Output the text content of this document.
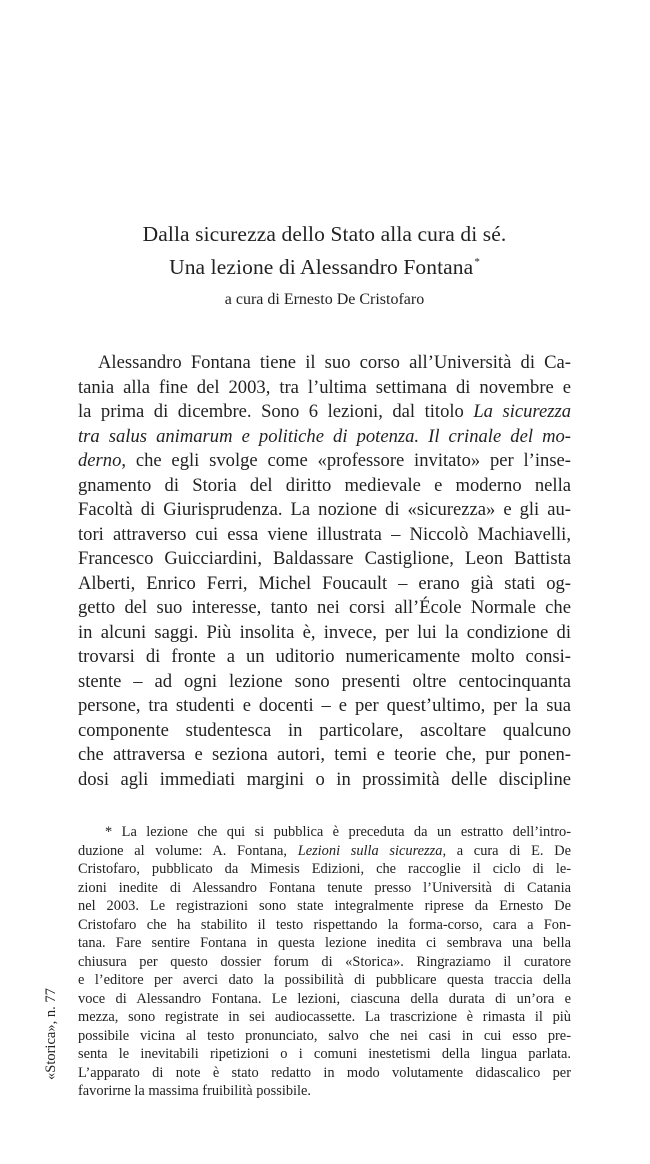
Dalla sicurezza dello Stato alla cura di sé.
Una lezione di Alessandro Fontana*
a cura di Ernesto De Cristofaro
Alessandro Fontana tiene il suo corso all’Università di Ca-
tania alla fine del 2003, tra l’ultima settimana di novembre e
la prima di dicembre. Sono 6 lezioni, dal titolo La sicurezza
tra salus animarum e politiche di potenza. Il crinale del mo-
derno, che egli svolge come «professore invitato» per l’inse-
gnamento di Storia del diritto medievale e moderno nella
Facoltà di Giurisprudenza. La nozione di «sicurezza» e gli au-
tori attraverso cui essa viene illustrata – Niccolò Machiavelli,
Francesco Guicciardini, Baldassare Castiglione, Leon Battista
Alberti, Enrico Ferri, Michel Foucault – erano già stati og-
getto del suo interesse, tanto nei corsi all’École Normale che
in alcuni saggi. Più insolita è, invece, per lui la condizione di
trovarsi di fronte a un uditorio numericamente molto consi-
stente – ad ogni lezione sono presenti oltre centocinquanta
persone, tra studenti e docenti – e per quest’ultimo, per la sua
componente studentesca in particolare, ascoltare qualcuno
che attraversa e seziona autori, temi e teorie che, pur ponen-
dosi agli immediati margini o in prossimità delle discipline
* La lezione che qui si pubblica è preceduta da un estratto dell’intro-
duzione al volume: A. Fontana, Lezioni sulla sicurezza, a cura di E. De
Cristofaro, pubblicato da Mimesis Edizioni, che raccoglie il ciclo di le-
zioni inedite di Alessandro Fontana tenute presso l’Università di Catania
nel 2003. Le registrazioni sono state integralmente riprese da Ernesto De
Cristofaro che ha stabilito il testo rispettando la forma-corso, cara a Fon-
tana. Fare sentire Fontana in questa lezione inedita ci sembrava una bella
chiusura per questo dossier forum di «Storica». Ringraziamo il curatore
e l’editore per averci dato la possibilità di pubblicare questa traccia della
voce di Alessandro Fontana. Le lezioni, ciascuna della durata di un’ora e
mezza, sono registrate in sei audiocassette. La trascrizione è rimasta il più
possibile vicina al testo pronunciato, salvo che nei casi in cui esso pre-
senta le inevitabili ripetizioni o i comuni inestetismi della lingua parlata.
L’apparato di note è stato redatto in modo volutamente didascalico per
favorirne la massima fruibilità possibile.
«Storica», n. 77
